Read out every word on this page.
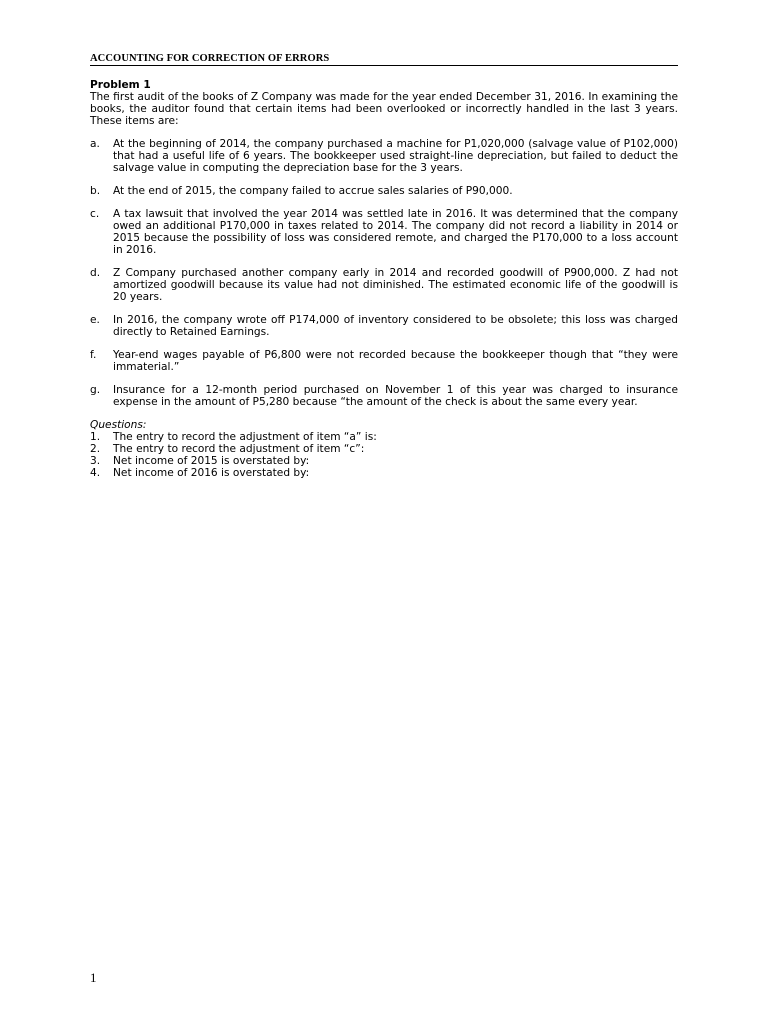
ACCOUNTING FOR CORRECTION OF ERRORS
Problem 1

The first audit of the books of Z Company was made for the year ended December 31, 2016. In examining the books, the auditor found that certain items had been overlooked or incorrectly handled in the last 3 years. These items are:

a.	At the beginning of 2014, the company purchased a machine for P1,020,000 (salvage value of P102,000) that had a useful life of 6 years. The bookkeeper used straight-line depreciation, but failed to deduct the salvage value in computing the depreciation base for the 3 years.
b.	At the end of 2015, the company failed to accrue sales salaries of P90,000.
c.	A tax lawsuit that involved the year 2014 was settled late in 2016. It was determined that the company owed an additional P170,000 in taxes related to 2014. The company did not record a liability in 2014 or 2015 because the possibility of loss was considered remote, and charged the P170,000 to a loss account in 2016.
d.	Z Company purchased another company early in 2014 and recorded goodwill of P900,000. Z had not amortized goodwill because its value had not diminished. The estimated economic life of the goodwill is 20 years.
e.	In 2016, the company wrote off P174,000 of inventory considered to be obsolete; this loss was charged directly to Retained Earnings.
f.	Year-end wages payable of P6,800 were not recorded because the bookkeeper though that “they were immaterial.”
g.	Insurance for a 12-month period purchased on November 1 of this year was charged to insurance expense in the amount of P5,280 because “the amount of the check is about the same every year.
Questions:
1.	The entry to record the adjustment of item “a” is:
2.	The entry to record the adjustment of item “c”:
3.	Net income of 2015 is overstated by:
4.	Net income of 2016 is overstated by:
1
